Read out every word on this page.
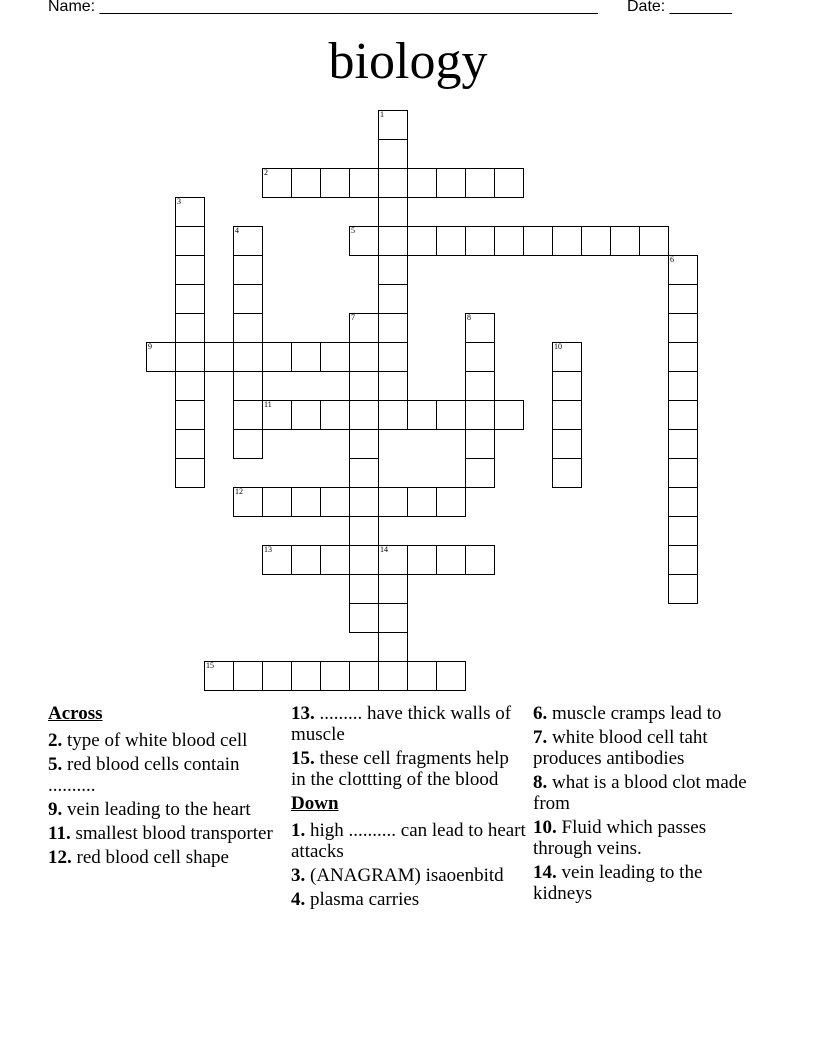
Name: ________________________________________________________ Date: _______
biology
1
2
3
4	5
6
7	8
9	10
11
12
13	14
15
Across
2. type of white blood cell
5. red blood cells contain ..........
9. vein leading to the heart
11. smallest blood transporter
12. red blood cell shape
13. ......... have thick walls of muscle
15. these cell fragments help in the clottting of the blood
Down
1. high .......... can lead to heart attacks
3. (ANAGRAM) isaoenbitd
4. plasma carries
6. muscle cramps lead to
7. white blood cell taht produces antibodies
8. what is a blood clot made from
10. Fluid which passes through veins.
14. vein leading to the kidneys
